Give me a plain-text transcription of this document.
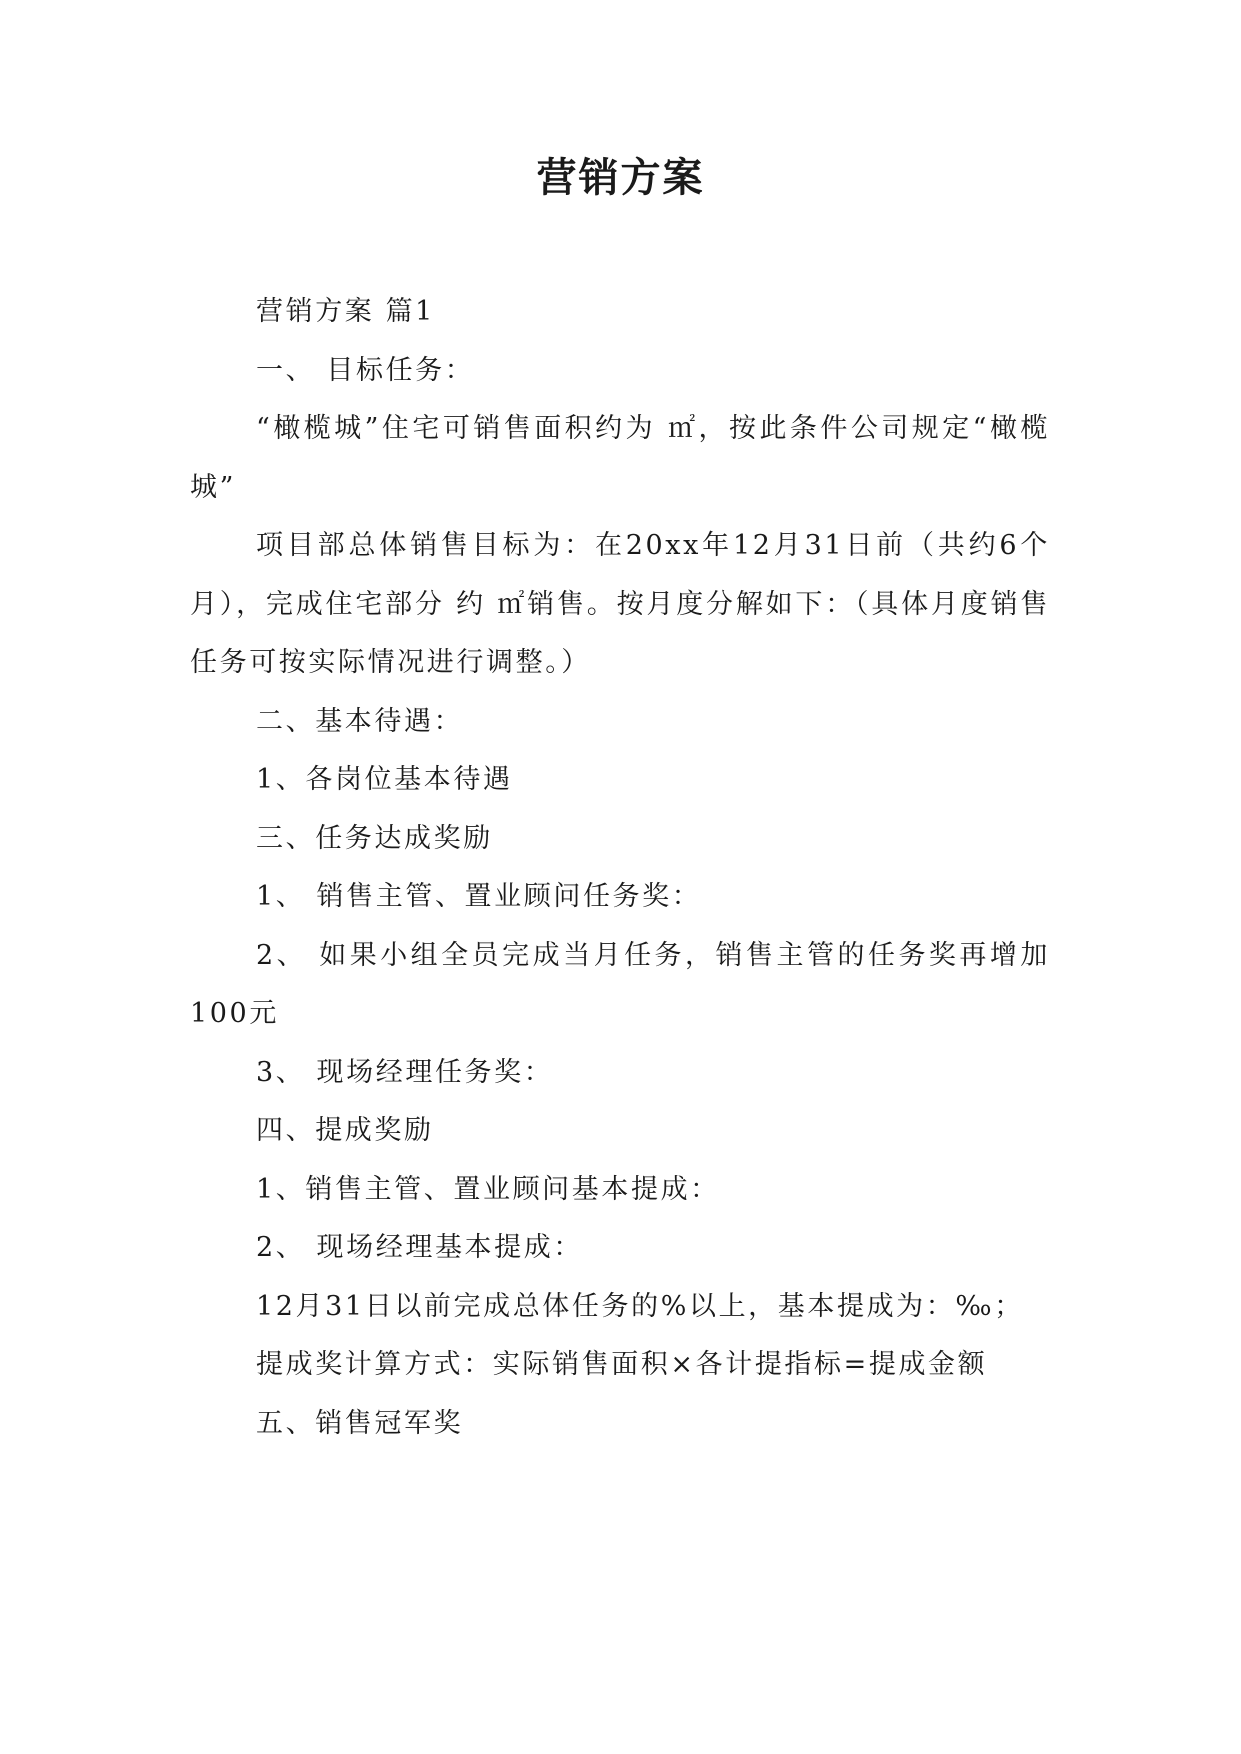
营销方案

营销方案 篇1

一、 目标任务：

“橄榄城”住宅可销售面积约为 ㎡，按此条件公司规定“橄榄城”

项目部总体销售目标为：在20xx年12月31日前（共约6个月），完成住宅部分 约 ㎡销售。按月度分解如下：（具体月度销售任务可按实际情况进行调整。）

二、基本待遇：

1、各岗位基本待遇

三、任务达成奖励

1、 销售主管、置业顾问任务奖：

2、 如果小组全员完成当月任务，销售主管的任务奖再增加100元

3、 现场经理任务奖：

四、提成奖励

1、销售主管、置业顾问基本提成：

2、 现场经理基本提成：

12月31日以前完成总体任务的%以上，基本提成为：‰；

提成奖计算方式：实际销售面积×各计提指标=提成金额

五、销售冠军奖
